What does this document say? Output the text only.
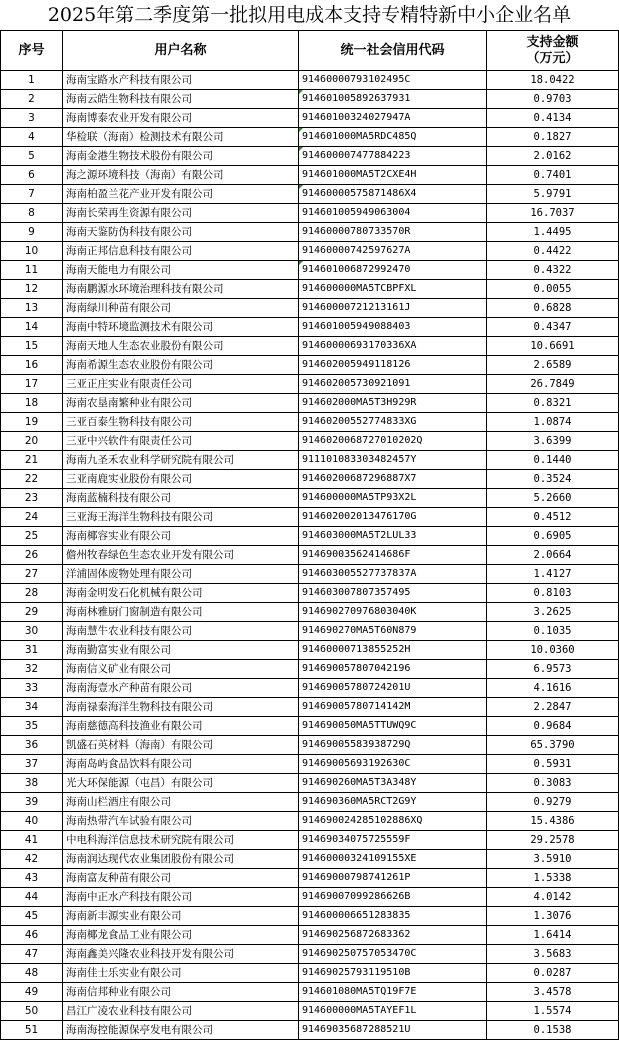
2025年第二季度第一批拟用电成本支持专精特新中小企业名单
序号	用户名称	统一社会信用代码	支持金额
（万元）
1	海南宝路水产科技有限公司	91460000793102495C	18.0422
2	海南云皓生物科技有限公司	914601005892637931	0.9703
3	海南博泰农业开发有限公司	91460100324027947A	0.4134
4	华检联（海南）检测技术有限公司	914601000MA5RDC485Q	0.1827
5	海南金港生物技术股份有限公司	914600007477884223	2.0162
6	海之源环境科技（海南）有限公司	914601000MA5T2CXE4H	0.7401
7	海南柏盈兰花产业开发有限公司	91460000575871486X4	5.9791
8	海南长荣再生资源有限公司	914601005949063004	16.7037
9	海南天鉴防伪科技有限公司	91460000780733570R	1.4495
10	海南正邦信息科技有限公司	91460000742597627A	0.4422
11	海南天能电力有限公司	914601006872992470	0.4322
12	海南鹏源水环境治理科技有限公司	914600000MA5TCBPFXL	0.0055
13	海南绿川种苗有限公司	91460000721213161J	0.6828
14	海南中特环境监测技术有限公司	914601005949088403	0.4347
15	海南天地人生态农业股份有限公司	91460000693170336XA	10.6691
16	海南希源生态农业股份有限公司	914602005949118126	2.6589
17	三亚正庄实业有限责任公司	914602005730921091	26.7849
18	海南农垦南繁种业有限公司	914602000MA5T3H929R	0.8321
19	三亚百泰生物科技有限公司	91460200552774833XG	1.0874
20	三亚中兴软件有限责任公司	9146020068727010202Q	3.6399
21	海南九圣禾农业科学研究院有限公司	911101083303482457Y	0.1440
22	三亚南鹿实业股份有限公司	91460200687296887X7	0.3524
23	海南蓝楠科技有限公司	914600000MA5TP93X2L	5.2660
24	三亚海王海洋生物科技有限公司	914602002013476170G	0.4512
25	海南椰容实业有限公司	914603000MA5T2LUL33	0.6905
26	儋州牧春绿色生态农业开发有限公司	91469003562414686F	2.0664
27	洋浦固体废物处理有限公司	914603005527737837A	1.4127
28	海南金明发石化机械有限公司	914603007807357495	0.8103
29	海南林雅厨门窗制造有限公司	914690270976803040K	3.2625
30	海南慧牛农业科技有限公司	914690270MA5T60N879	0.1035
31	海南勤富实业有限公司	91460000713855252H	10.0360
32	海南信义矿业有限公司	914690057807042196	6.9573
33	海南海壹水产种苗有限公司	91469005780724201U	4.1616
34	海南禄泰海洋生物科技有限公司	91469005780714142M	2.2847
35	海南慈德高科技渔业有限公司	914690050MA5TTUWQ9C	0.9684
36	凯盛石英材料（海南）有限公司	91469005583938729Q	65.3790
37	海南岛屿食品饮料有限公司	91469005693192630C	0.5931
38	光大环保能源（屯昌）有限公司	914690260MA5T3A348Y	0.3083
39	海南山栏酒庄有限公司	914690360MA5RCT2G9Y	0.9279
40	海南热带汽车试验有限公司	914690024285102886XQ	15.4386
41	中电科海洋信息技术研究院有限公司	91469034075725559F	29.2578
42	海南润达现代农业集团股份有限公司	91460000324109155XE	3.5910
43	海南富友种苗有限公司	91469000798741261P	1.5338
44	海南中正水产科技有限公司	91469007099286626B	4.0142
45	海南新丰源实业有限公司	914600006651283835	1.3076
46	海南椰龙食品工业有限公司	914690256872683362	1.6414
47	海南鑫美兴隆农业科技开发有限公司	914690250757053470C	3.5683
48	海南佳士乐实业有限公司	91469025793119510B	0.0287
49	海南信邦种业有限公司	914601080MA5TQ19F7E	3.4578
50	昌江广凌农业科技有限公司	914600000MA5TAYEF1L	1.5574
51	海南海控能源保亭发电有限公司	91469035687288521U	0.1538
